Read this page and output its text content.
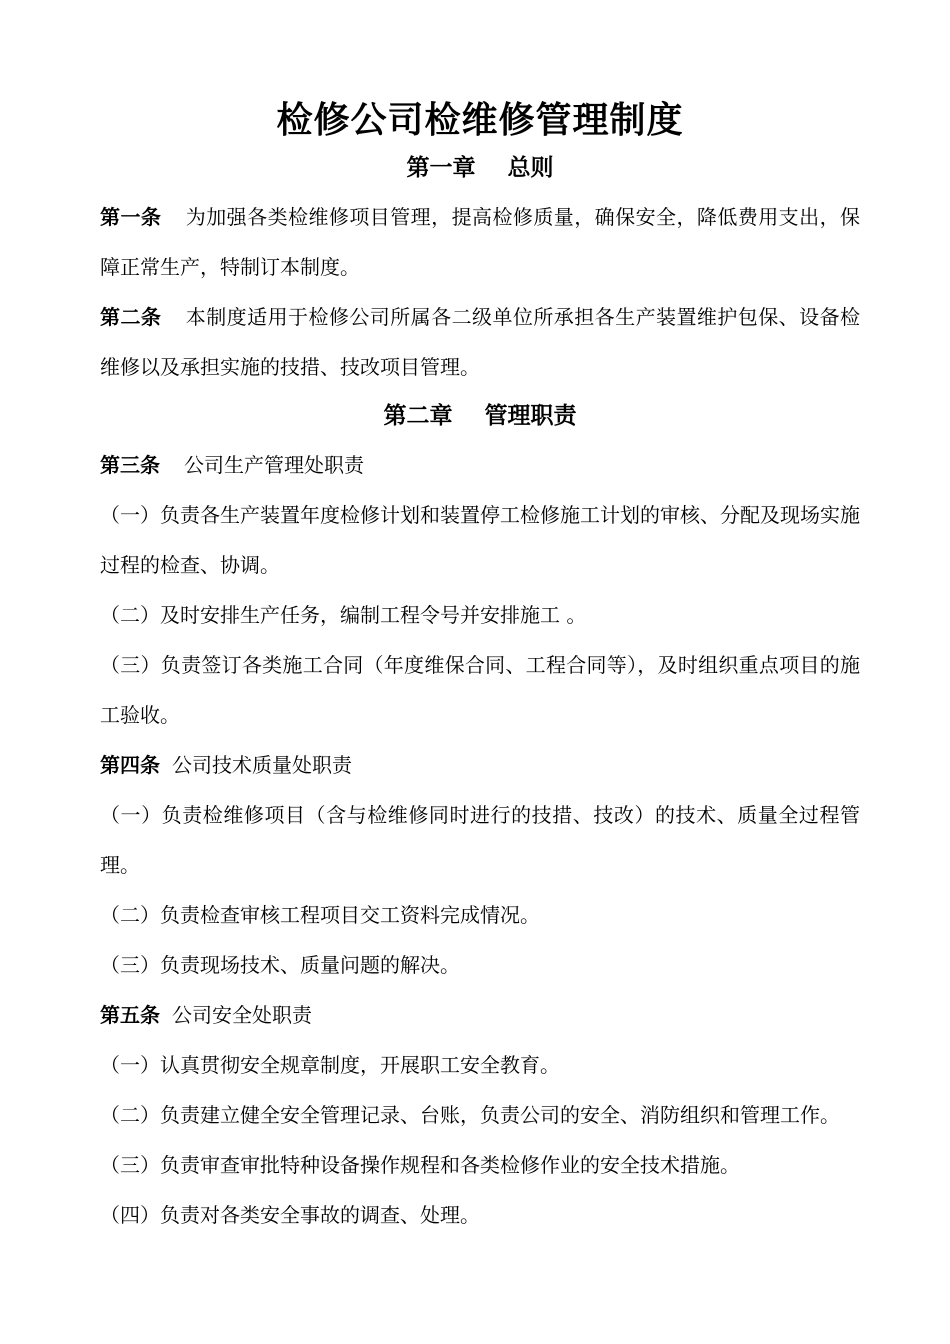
检修公司检维修管理制度
第一章    总则

第一条 为加强各类检维修项目管理，提高检修质量，确保安全，降低费用支出，保障正常生产，特制订本制度。

第二条 本制度适用于检修公司所属各二级单位所承担各生产装置维护包保、设备检维修以及承担实施的技措、技改项目管理。

第二章    管理职责

第三条 公司生产管理处职责

（一）负责各生产装置年度检修计划和装置停工检修施工计划的审核、分配及现场实施过程的检查、协调。

（二）及时安排生产任务，编制工程令号并安排施工 。

（三）负责签订各类施工合同（年度维保合同、工程合同等），及时组织重点项目的施工验收。

第四条 公司技术质量处职责

（一）负责检维修项目（含与检维修同时进行的技措、技改）的技术、质量全过程管理。

（二）负责检查审核工程项目交工资料完成情况。

（三）负责现场技术、质量问题的解决。

第五条 公司安全处职责

（一）认真贯彻安全规章制度，开展职工安全教育。

（二）负责建立健全安全管理记录、台账，负责公司的安全、消防组织和管理工作。

（三）负责审查审批特种设备操作规程和各类检修作业的安全技术措施。

（四）负责对各类安全事故的调查、处理。
